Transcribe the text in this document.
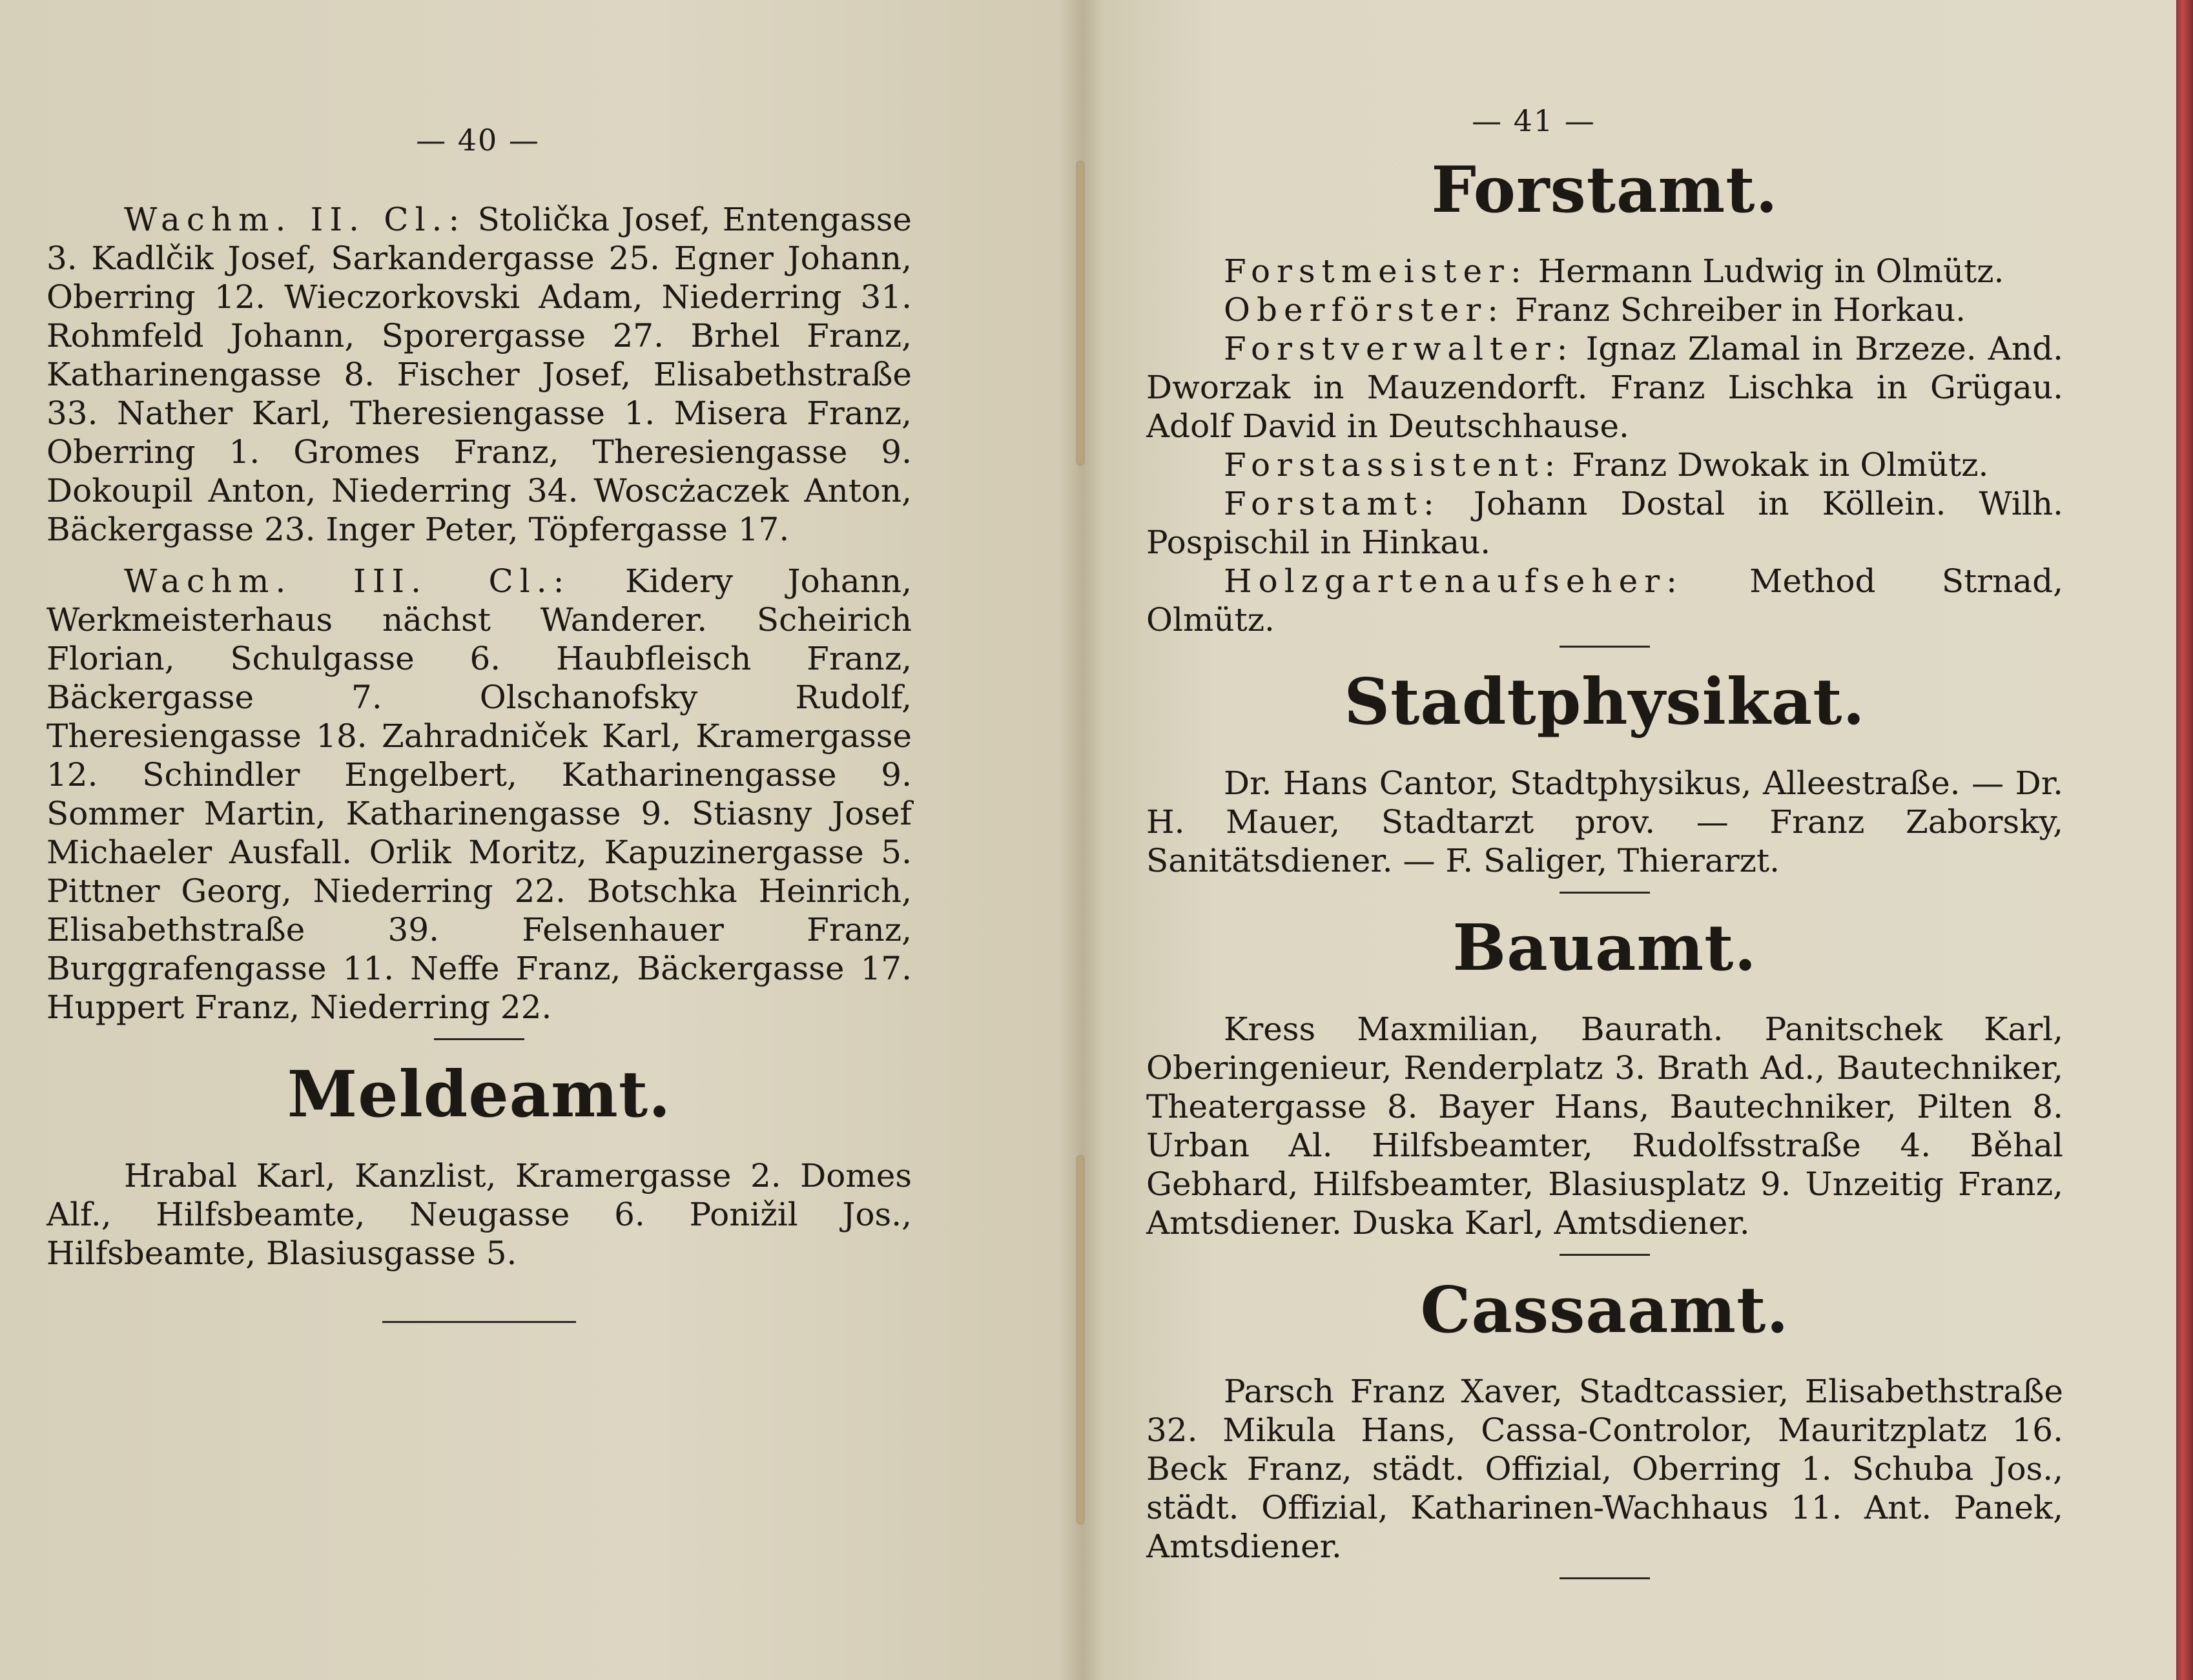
— 40 —

Wachm. II. Cl.: Stolička Josef, Entengasse 3. Kadlčik Josef, Sarkandergasse 25. Egner Johann, Oberring 12. Wieczorkovski Adam, Niederring 31. Rohmfeld Johann, Sporergasse 27. Brhel Franz, Katharinengasse 8. Fischer Josef, Elisabethstraße 33. Nather Karl, Theresiengasse 1. Misera Franz, Oberring 1. Gromes Franz, Theresiengasse 9. Dokoupil Anton, Niederring 34. Woscżaczek Anton, Bäckergasse 23. Inger Peter, Töpfergasse 17.

Wachm. III. Cl.: Kidery Johann, Werkmeisterhaus nächst Wanderer. Scheirich Florian, Schulgasse 6. Haubfleisch Franz, Bäckergasse 7. Olschanofsky Rudolf, Theresiengasse 18. Zahradniček Karl, Kramergasse 12. Schindler Engelbert, Katharinengasse 9. Sommer Martin, Katharinengasse 9. Stiasny Josef Michaeler Ausfall. Orlik Moritz, Kapuzinergasse 5. Pittner Georg, Niederring 22. Botschka Heinrich, Elisabethstraße 39. Felsenhauer Franz, Burggrafengasse 11. Neffe Franz, Bäckergasse 17. Huppert Franz, Niederring 22.

Meldeamt.

Hrabal Karl, Kanzlist, Kramergasse 2. Domes Alf., Hilfsbeamte, Neugasse 6. Ponižil Jos., Hilfsbeamte, Blasiusgasse 5.

— 41 —
Forstamt.

Forstmeister: Hermann Ludwig in Olmütz.

Oberförster: Franz Schreiber in Horkau.

Forstverwalter: Ignaz Zlamal in Brzeze. And. Dworzak in Mauzendorft. Franz Lischka in Grügau. Adolf David in Deutschhause.

Forstassistent: Franz Dwokak in Olmütz.

Forstamt: Johann Dostal in Köllein. Wilh. Pospischil in Hinkau.

Holzgartenaufseher: Method Strnad, Olmütz.

Stadtphysikat.

Dr. Hans Cantor, Stadtphysikus, Alleestraße. — Dr. H. Mauer, Stadtarzt prov. — Franz Zaborsky, Sanitätsdiener. — F. Saliger, Thierarzt.

Bauamt.

Kress Maxmilian, Baurath. Panitschek Karl, Oberingenieur, Renderplatz 3. Brath Ad., Bautechniker, Theatergasse 8. Bayer Hans, Bautechniker, Pilten 8. Urban Al. Hilfsbeamter, Rudolfsstraße 4. Běhal Gebhard, Hilfsbeamter, Blasiusplatz 9. Unzeitig Franz, Amtsdiener. Duska Karl, Amtsdiener.

Cassaamt.

Parsch Franz Xaver, Stadtcassier, Elisabethstraße 32. Mikula Hans, Cassa-Controlor, Mauritzplatz 16. Beck Franz, städt. Offizial, Oberring 1. Schuba Jos., städt. Offizial, Katharinen-Wachhaus 11. Ant. Panek, Amtsdiener.
